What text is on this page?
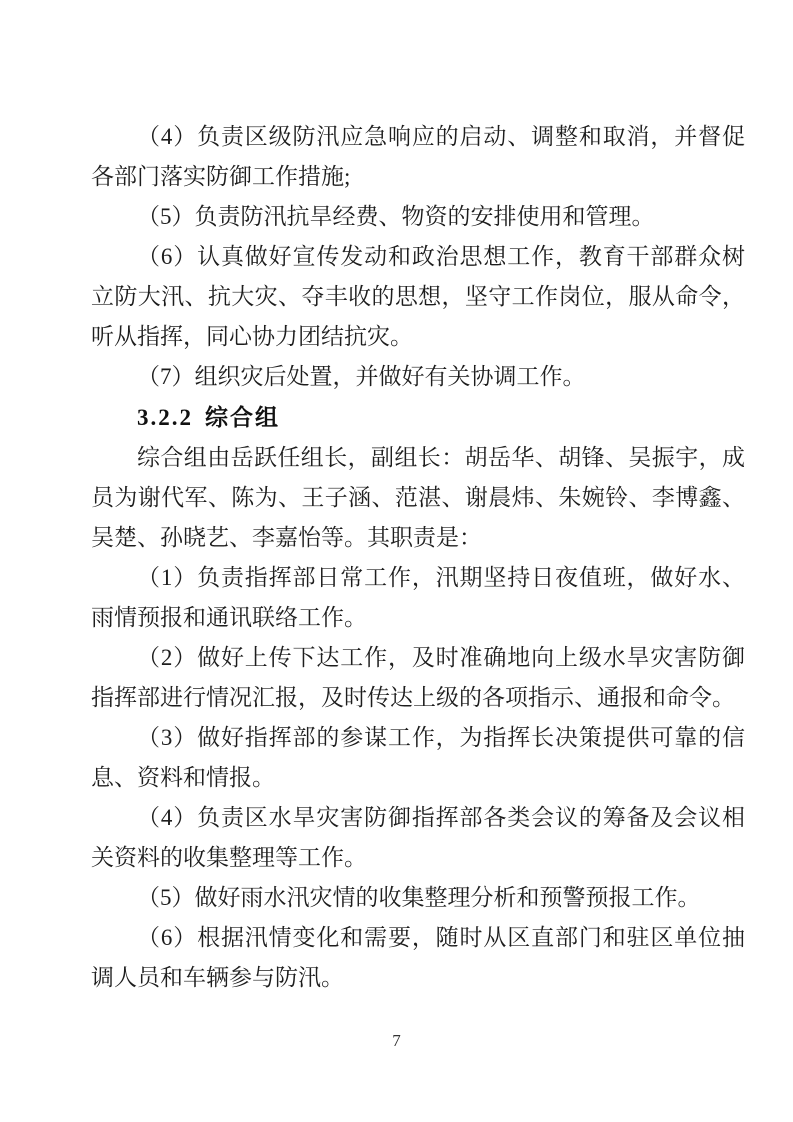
（4）负责区级防汛应急响应的启动、调整和取消，并督促各部门落实防御工作措施;

（5）负责防汛抗旱经费、物资的安排使用和管理。

（6）认真做好宣传发动和政治思想工作，教育干部群众树立防大汛、抗大灾、夺丰收的思想，坚守工作岗位，服从命令，听从指挥，同心协力团结抗灾。

（7）组织灾后处置，并做好有关协调工作。

3.2.2 综合组

综合组由岳跃任组长，副组长：胡岳华、胡锋、吴振宇，成员为谢代军、陈为、王子涵、范湛、谢晨炜、朱婉铃、李博鑫、吴楚、孙晓艺、李嘉怡等。其职责是：

（1）负责指挥部日常工作，汛期坚持日夜值班，做好水、雨情预报和通讯联络工作。

（2）做好上传下达工作，及时准确地向上级水旱灾害防御指挥部进行情况汇报，及时传达上级的各项指示、通报和命令。

（3）做好指挥部的参谋工作，为指挥长决策提供可靠的信息、资料和情报。

（4）负责区水旱灾害防御指挥部各类会议的筹备及会议相关资料的收集整理等工作。

（5）做好雨水汛灾情的收集整理分析和预警预报工作。

（6）根据汛情变化和需要，随时从区直部门和驻区单位抽调人员和车辆参与防汛。

7
